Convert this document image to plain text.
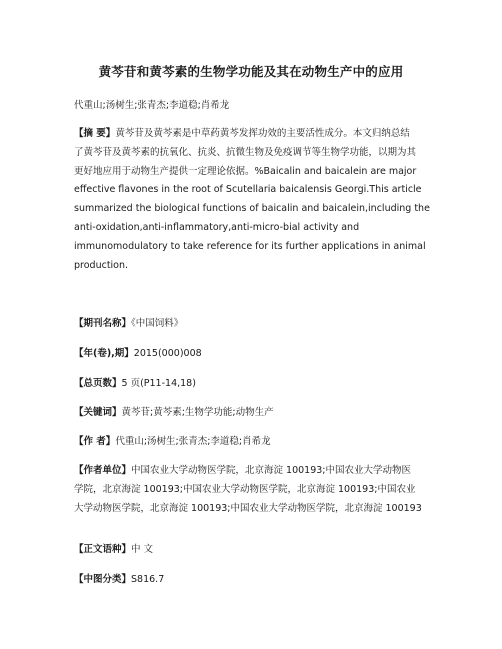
黄芩苷和黄芩素的生物学功能及其在动物生产中的应用
代重山;汤树生;张青杰;李道稳;肖希龙

【摘 要】黄芩苷及黄芩素是中草药黄芩发挥功效的主要活性成分。本文归纳总结

了黄芩苷及黄芩素的抗氧化、抗炎、抗微生物及免疫调节等生物学功能，以期为其

更好地应用于动物生产提供一定理论依据。%Baicalin and baicalein are major

effective flavones in the root of Scutellaria baicalensis Georgi.This article

summarized the biological functions of baicalin and baicalein,including the

anti-oxidation,anti-inflammatory,anti-micro-bial activity and

immunomodulatory to take reference for its further applications in animal

production.

【期刊名称】《中国饲料》
【年(卷),期】2015(000)008
【总页数】5 页(P11-14,18)
【关键词】黄芩苷;黄芩素;生物学功能;动物生产
【作 者】代重山;汤树生;张青杰;李道稳;肖希龙
【作者单位】中国农业大学动物医学院，北京海淀 100193;中国农业大学动物医
学院，北京海淀 100193;中国农业大学动物医学院，北京海淀 100193;中国农业
大学动物医学院，北京海淀 100193;中国农业大学动物医学院，北京海淀 100193
【正文语种】中 文
【中图分类】S816.7
